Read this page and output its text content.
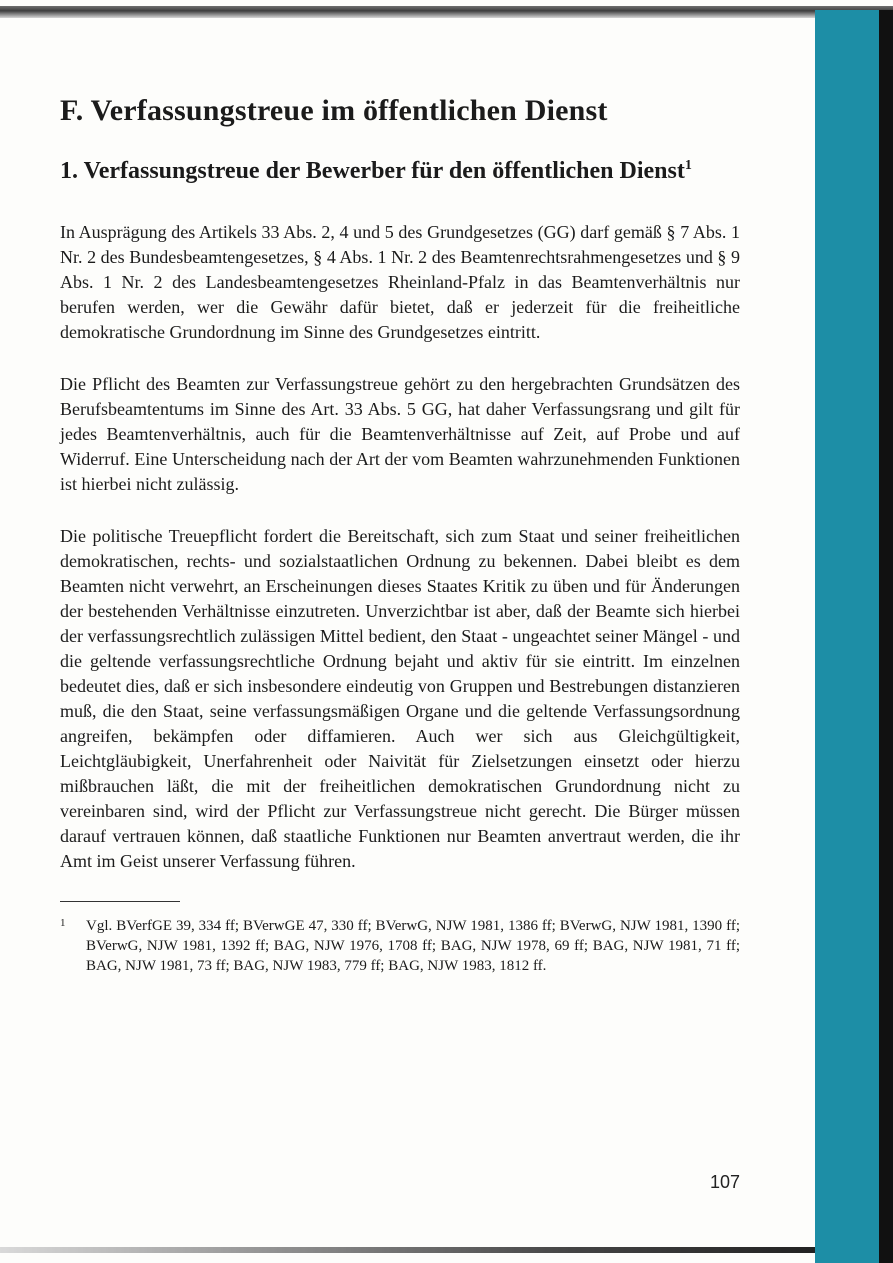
F. Verfassungstreue im öffentlichen Dienst
1. Verfassungstreue der Bewerber für den öffentlichen Dienst$^1$

In Ausprägung des Artikels 33 Abs. 2, 4 und 5 des Grundgesetzes (GG) darf gemäß § 7 Abs. 1 Nr. 2 des Bundesbeamtengesetzes, § 4 Abs. 1 Nr. 2 des Beamtenrechtsrahmengesetzes und § 9 Abs. 1 Nr. 2 des Landesbeamtengesetzes Rheinland-Pfalz in das Beamtenverhältnis nur berufen werden, wer die Gewähr dafür bietet, daß er jederzeit für die freiheitliche demokratische Grundordnung im Sinne des Grundgesetzes eintritt.

Die Pflicht des Beamten zur Verfassungstreue gehört zu den hergebrachten Grundsätzen des Berufsbeamtentums im Sinne des Art. 33 Abs. 5 GG, hat daher Verfassungsrang und gilt für jedes Beamtenverhältnis, auch für die Beamtenverhältnisse auf Zeit, auf Probe und auf Widerruf. Eine Unterscheidung nach der Art der vom Beamten wahrzunehmenden Funktionen ist hierbei nicht zulässig.

Die politische Treuepflicht fordert die Bereitschaft, sich zum Staat und seiner freiheitlichen demokratischen, rechts- und sozialstaatlichen Ordnung zu bekennen. Dabei bleibt es dem Beamten nicht verwehrt, an Erscheinungen dieses Staates Kritik zu üben und für Änderungen der bestehenden Verhältnisse einzutreten. Unverzichtbar ist aber, daß der Beamte sich hierbei der verfassungsrechtlich zulässigen Mittel bedient, den Staat - ungeachtet seiner Mängel - und die geltende verfassungsrechtliche Ordnung bejaht und aktiv für sie eintritt. Im einzelnen bedeutet dies, daß er sich insbesondere eindeutig von Gruppen und Bestrebungen distanzieren muß, die den Staat, seine verfassungsmäßigen Organe und die geltende Verfassungsordnung angreifen, bekämpfen oder diffamieren. Auch wer sich aus Gleichgültigkeit, Leichtgläubigkeit, Unerfahrenheit oder Naivität für Zielsetzungen einsetzt oder hierzu mißbrauchen läßt, die mit der freiheitlichen demokratischen Grundordnung nicht zu vereinbaren sind, wird der Pflicht zur Verfassungstreue nicht gerecht. Die Bürger müssen darauf vertrauen können, daß staatliche Funktionen nur Beamten anvertraut werden, die ihr Amt im Geist unserer Verfassung führen.

1 Vgl. BVerfGE 39, 334 ff; BVerwGE 47, 330 ff; BVerwG, NJW 1981, 1386 ff; BVerwG, NJW 1981, 1390 ff; BVerwG, NJW 1981, 1392 ff; BAG, NJW 1976, 1708 ff; BAG, NJW 1978, 69 ff; BAG, NJW 1981, 71 ff; BAG, NJW 1981, 73 ff; BAG, NJW 1983, 779 ff; BAG, NJW 1983, 1812 ff.
107
